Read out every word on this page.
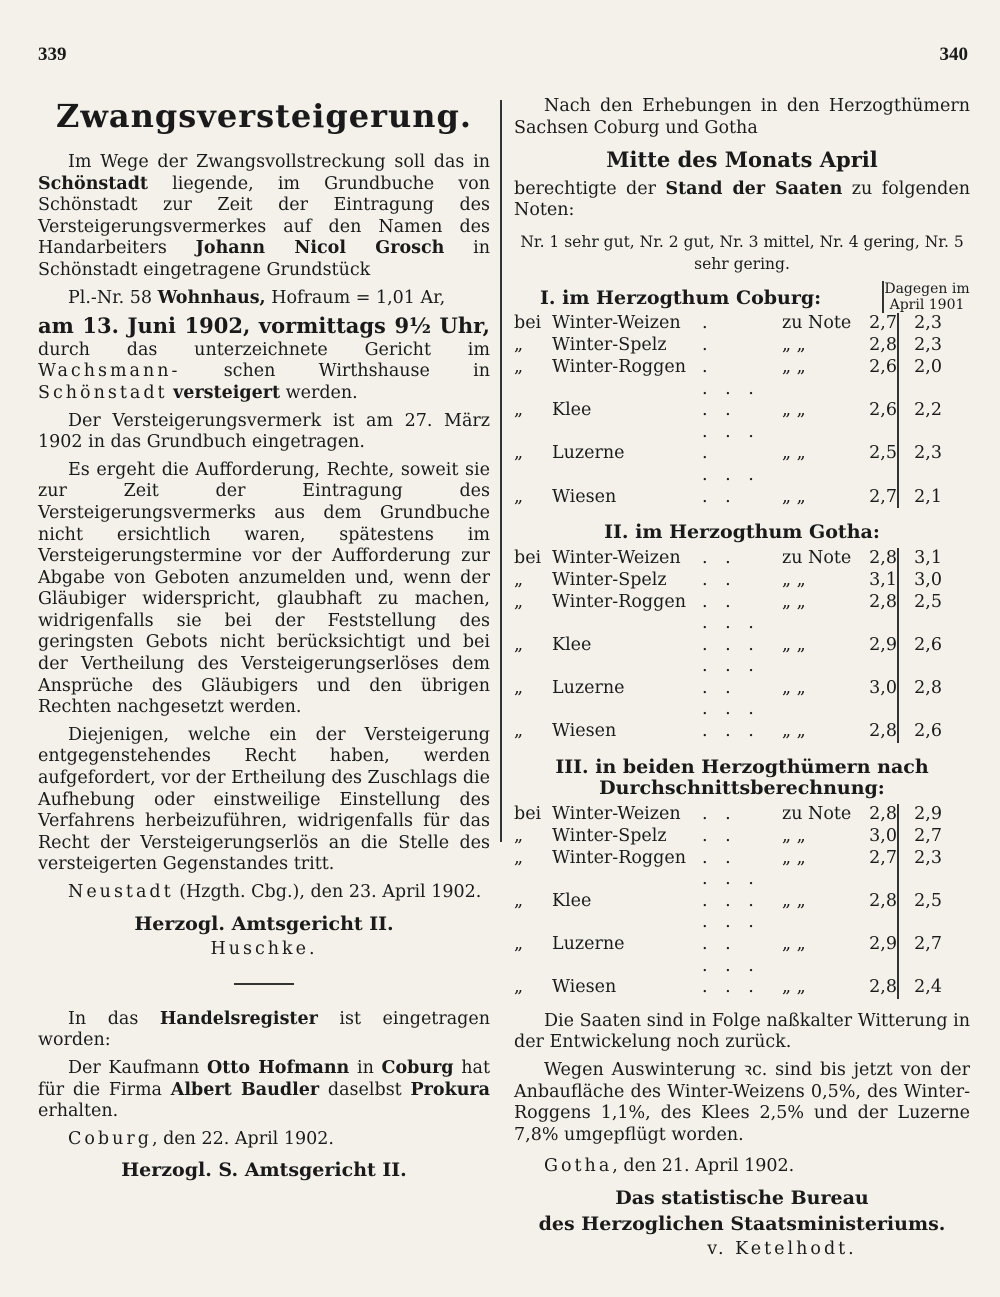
339	340
Zwangsversteigerung.

Im Wege der Zwangsvollstreckung soll das in Schönstadt liegende, im Grundbuche von Schönstadt zur Zeit der Eintragung des Versteigerungsvermerkes auf den Namen des Handarbeiters Johann Nicol Grosch in Schönstadt eingetragene Grundstück

Pl.-Nr. 58 Wohnhaus, Hofraum = 1,01 Ar,

am 13. Juni 1902, vormittags 9½ Uhr, durch das unterzeichnete Gericht im Wachsmann- schen Wirthshause in Schönstadt versteigert werden.

Der Versteigerungsvermerk ist am 27. März 1902 in das Grundbuch eingetragen.

Es ergeht die Aufforderung, Rechte, soweit sie zur Zeit der Eintragung des Versteigerungsvermerks aus dem Grundbuche nicht ersichtlich waren, spätestens im Versteigerungstermine vor der Aufforderung zur Abgabe von Geboten anzumelden und, wenn der Gläubiger widerspricht, glaubhaft zu machen, widrigenfalls sie bei der Feststellung des geringsten Gebots nicht berücksichtigt und bei der Vertheilung des Versteigerungserlöses dem Ansprüche des Gläubigers und den übrigen Rechten nachgesetzt werden.

Diejenigen, welche ein der Versteigerung entgegenstehendes Recht haben, werden aufgefordert, vor der Ertheilung des Zuschlags die Aufhebung oder einstweilige Einstellung des Verfahrens herbeizuführen, widrigenfalls für das Recht der Versteigerungserlös an die Stelle des versteigerten Gegenstandes tritt.

Neustadt (Hzgth. Cbg.), den 23. April 1902.

Herzogl. Amtsgericht II.
Huschke.

In das Handelsregister ist eingetragen worden:

Der Kaufmann Otto Hofmann in Coburg hat für die Firma Albert Baudler daselbst Prokura erhalten.

Coburg, den 22. April 1902.

Herzogl. S. Amtsgericht II.

Nach den Erhebungen in den Herzogthümern Sachsen Coburg und Gotha

Mitte des Monats April

berechtigte der Stand der Saaten zu folgenden Noten:

Nr. 1 sehr gut, Nr. 2 gut, Nr. 3 mittel, Nr. 4 gering, Nr. 5 sehr gering.

I. im Herzogthum Coburg:	Dagegen im April 1901
bei	Winter-Weizen	.	zu Note	2,7	2,3
„	Winter-Spelz	.	„ „	2,8	2,3
„	Winter-Roggen	.	„ „	2,6	2,0
„	Klee	. . . . .	„ „	2,6	2,2
„	Luzerne	. . . .	„ „	2,5	2,3
„	Wiesen	. . . . .	„ „	2,7	2,1
II. im Herzogthum Gotha:
bei	Winter-Weizen	. .	zu Note	2,8	3,1
„	Winter-Spelz	. .	„ „	3,1	3,0
„	Winter-Roggen	. .	„ „	2,8	2,5
„	Klee	. . . . . .	„ „	2,9	2,6
„	Luzerne	. . . . .	„ „	3,0	2,8
„	Wiesen	. . . . . .	„ „	2,8	2,6
III. in beiden Herzogthümern nach Durchschnittsberechnung:
bei	Winter-Weizen	. .	zu Note	2,8	2,9
„	Winter-Spelz	. .	„ „	3,0	2,7
„	Winter-Roggen	. .	„ „	2,7	2,3
„	Klee	. . . . . .	„ „	2,8	2,5
„	Luzerne	. . . . .	„ „	2,9	2,7
„	Wiesen	. . . . . .	„ „	2,8	2,4

Die Saaten sind in Folge naßkalter Witterung in der Entwickelung noch zurück.

Wegen Auswinterung ꝛc. sind bis jetzt von der Anbaufläche des Winter-Weizens 0,5%, des Winter-Roggens 1,1%, des Klees 2,5% und der Luzerne 7,8% umgepflügt worden.

Gotha, den 21. April 1902.

Das statistische Bureau
des Herzoglichen Staatsministeriums.
v. Ketelhodt.
